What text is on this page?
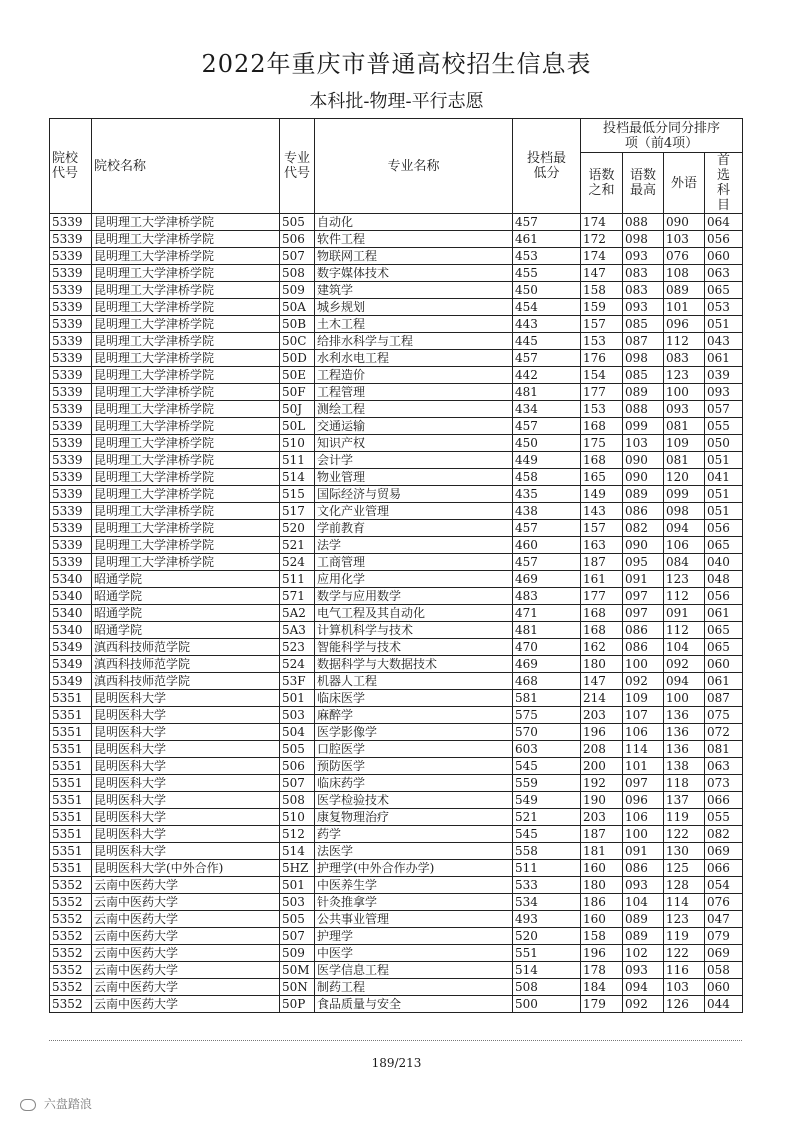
2022年重庆市普通高校招生信息表
本科批-物理-平行志愿
院校代号	院校名称	专业代号	专业名称	投档最低分	投档最低分同分排序项（前4项）			
					语数之和	语数最高	外语	首选科目
5339	昆明理工大学津桥学院	505	自动化	457	174	088	090	064
5339	昆明理工大学津桥学院	506	软件工程	461	172	098	103	056
5339	昆明理工大学津桥学院	507	物联网工程	453	174	093	076	060
5339	昆明理工大学津桥学院	508	数字媒体技术	455	147	083	108	063
5339	昆明理工大学津桥学院	509	建筑学	450	158	083	089	065
5339	昆明理工大学津桥学院	50A	城乡规划	454	159	093	101	053
5339	昆明理工大学津桥学院	50B	土木工程	443	157	085	096	051
5339	昆明理工大学津桥学院	50C	给排水科学与工程	445	153	087	112	043
5339	昆明理工大学津桥学院	50D	水利水电工程	457	176	098	083	061
5339	昆明理工大学津桥学院	50E	工程造价	442	154	085	123	039
5339	昆明理工大学津桥学院	50F	工程管理	481	177	089	100	093
5339	昆明理工大学津桥学院	50J	测绘工程	434	153	088	093	057
5339	昆明理工大学津桥学院	50L	交通运输	457	168	099	081	055
5339	昆明理工大学津桥学院	510	知识产权	450	175	103	109	050
5339	昆明理工大学津桥学院	511	会计学	449	168	090	081	051
5339	昆明理工大学津桥学院	514	物业管理	458	165	090	120	041
5339	昆明理工大学津桥学院	515	国际经济与贸易	435	149	089	099	051
5339	昆明理工大学津桥学院	517	文化产业管理	438	143	086	098	051
5339	昆明理工大学津桥学院	520	学前教育	457	157	082	094	056
5339	昆明理工大学津桥学院	521	法学	460	163	090	106	065
5339	昆明理工大学津桥学院	524	工商管理	457	187	095	084	040
5340	昭通学院	511	应用化学	469	161	091	123	048
5340	昭通学院	571	数学与应用数学	483	177	097	112	056
5340	昭通学院	5A2	电气工程及其自动化	471	168	097	091	061
5340	昭通学院	5A3	计算机科学与技术	481	168	086	112	065
5349	滇西科技师范学院	523	智能科学与技术	470	162	086	104	065
5349	滇西科技师范学院	524	数据科学与大数据技术	469	180	100	092	060
5349	滇西科技师范学院	53F	机器人工程	468	147	092	094	061
5351	昆明医科大学	501	临床医学	581	214	109	100	087
5351	昆明医科大学	503	麻醉学	575	203	107	136	075
5351	昆明医科大学	504	医学影像学	570	196	106	136	072
5351	昆明医科大学	505	口腔医学	603	208	114	136	081
5351	昆明医科大学	506	预防医学	545	200	101	138	063
5351	昆明医科大学	507	临床药学	559	192	097	118	073
5351	昆明医科大学	508	医学检验技术	549	190	096	137	066
5351	昆明医科大学	510	康复物理治疗	521	203	106	119	055
5351	昆明医科大学	512	药学	545	187	100	122	082
5351	昆明医科大学	514	法医学	558	181	091	130	069
5351	昆明医科大学(中外合作)	5HZ	护理学(中外合作办学)	511	160	086	125	066
5352	云南中医药大学	501	中医养生学	533	180	093	128	054
5352	云南中医药大学	503	针灸推拿学	534	186	104	114	076
5352	云南中医药大学	505	公共事业管理	493	160	089	123	047
5352	云南中医药大学	507	护理学	520	158	089	119	079
5352	云南中医药大学	509	中医学	551	196	102	122	069
5352	云南中医药大学	50M	医学信息工程	514	178	093	116	058
5352	云南中医药大学	50N	制药工程	508	184	094	103	060
5352	云南中医药大学	50P	食品质量与安全	500	179	092	126	044
189/213
六盘踏浪
